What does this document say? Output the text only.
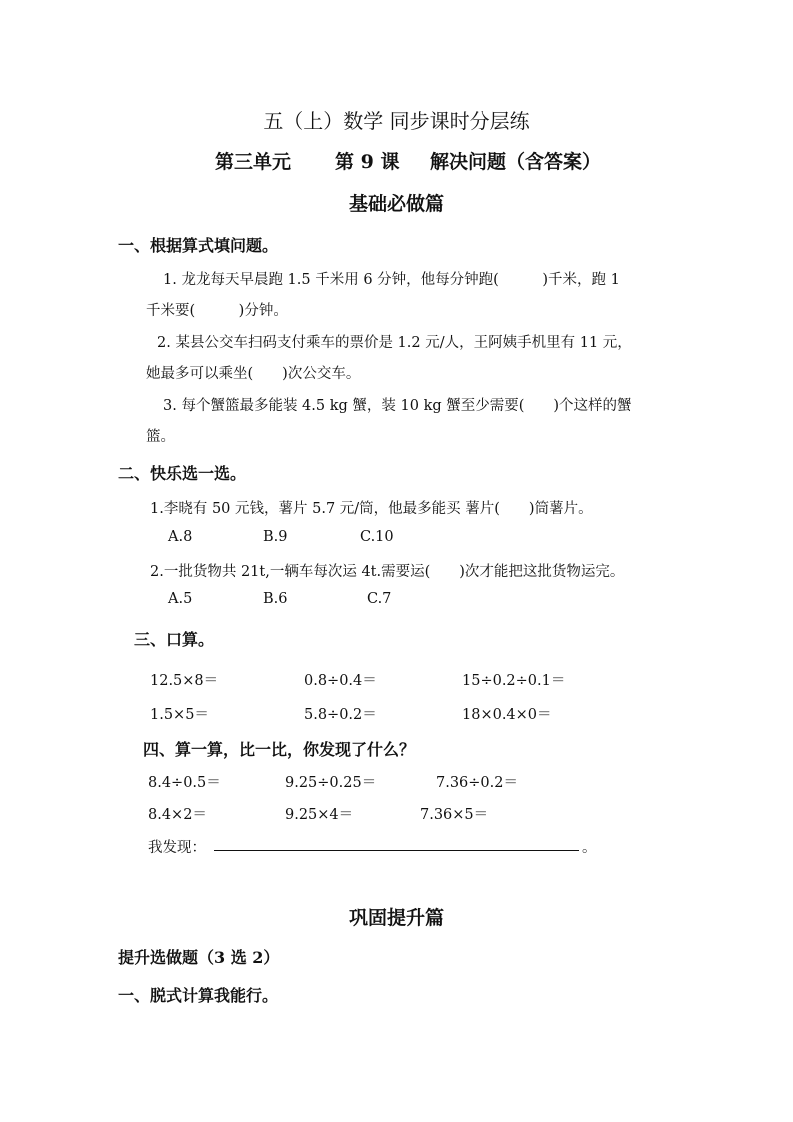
五（上）数学 同步课时分层练
第三单元 第 9 课 解决问题（含答案）
基础必做篇
一、根据算式填问题。
1. 龙龙每天早晨跑 1.5 千米用 6 分钟，他每分钟跑(　　　)千米，跑 1
千米要(　　　)分钟。
2. 某县公交车扫码支付乘车的票价是 1.2 元/人，王阿姨手机里有 11 元，
她最多可以乘坐(　　)次公交车。
3. 每个蟹篮最多能装 4.5 kg 蟹，装 10 kg 蟹至少需要(　　)个这样的蟹
篮。
二、快乐选一选。
1.李晓有 50 元钱，薯片 5.7 元/筒，他最多能买 薯片(　　)筒薯片。
A.8	B.9	C.10
2.一批货物共 21t,一辆车每次运 4t.需要运(　　)次才能把这批货物运完。
A.5	B.6	C.7
三、口算。
12.5×8＝	0.8÷0.4＝	15÷0.2÷0.1＝
1.5×5＝	5.8÷0.2＝	18×0.4×0＝
四、算一算，比一比，你发现了什么？
8.4÷0.5＝	9.25÷0.25＝	7.36÷0.2＝
8.4×2＝	9.25×4＝	7.36×5＝
我发现：	。
巩固提升篇
提升选做题（3 选 2）
一、脱式计算我能行。
